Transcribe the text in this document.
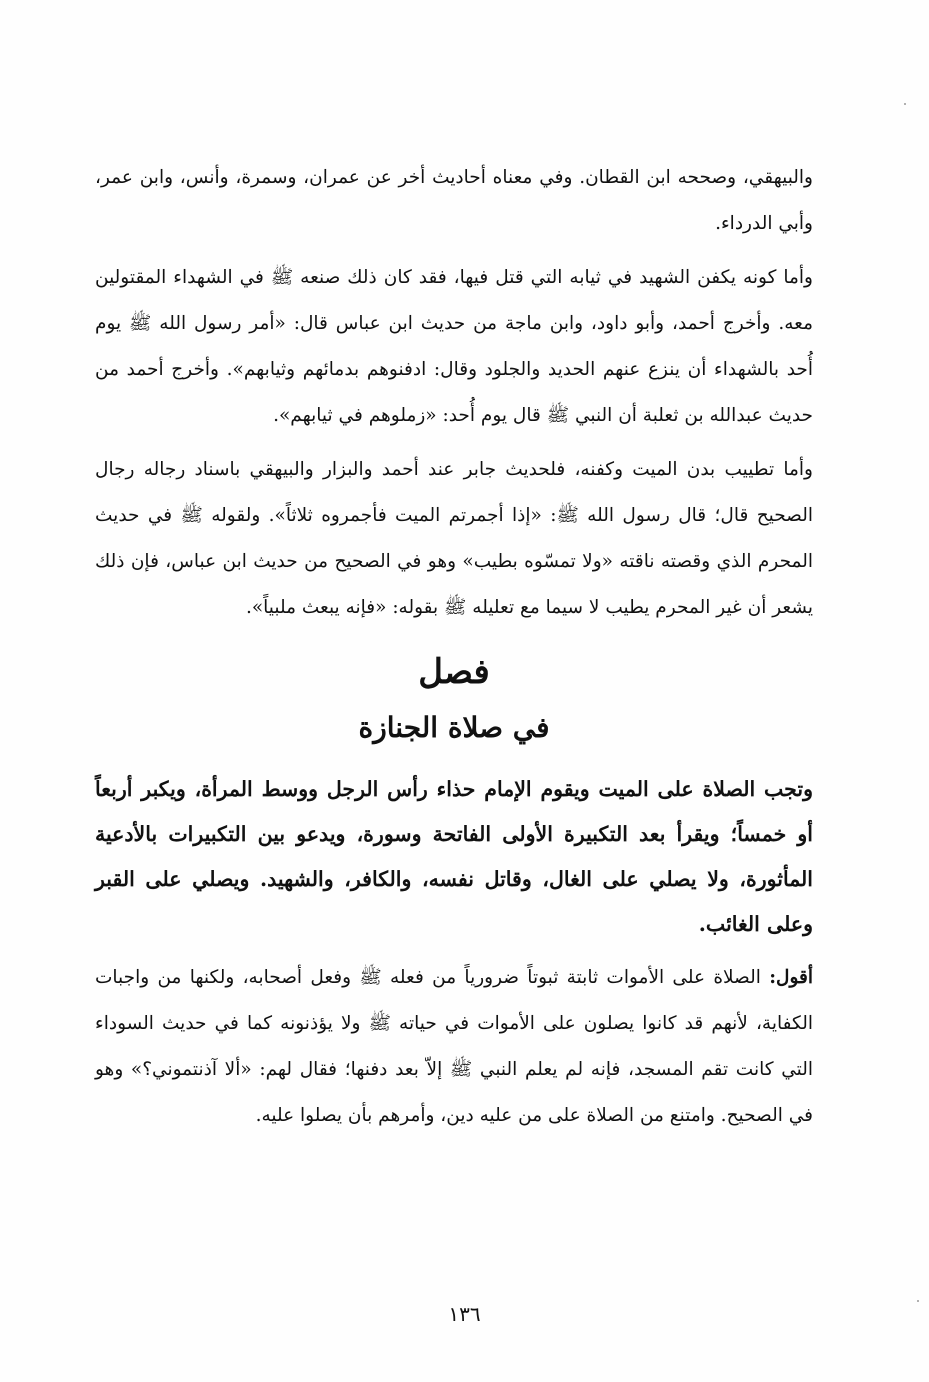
والبيهقي، وصححه ابن القطان. وفي معناه أحاديث أخر عن عمران، وسمرة، وأنس، وابن عمر، وأبي الدرداء.

وأما كونه يكفن الشهيد في ثيابه التي قتل فيها، فقد كان ذلك صنعه ﷺ في الشهداء المقتولين معه. وأخرج أحمد، وأبو داود، وابن ماجة من حديث ابن عباس قال: «أمر رسول الله ﷺ يوم أُحد بالشهداء أن ينزع عنهم الحديد والجلود وقال: ادفنوهم بدمائهم وثيابهم». وأخرج أحمد من حديث عبدالله بن ثعلبة أن النبي ﷺ قال يوم أُحد: «زملوهم في ثيابهم».

وأما تطييب بدن الميت وكفنه، فلحديث جابر عند أحمد والبزار والبيهقي باسناد رجاله رجال الصحيح قال؛ قال رسول الله ﷺ: «إذا أجمرتم الميت فأجمروه ثلاثاً». ولقوله ﷺ في حديث المحرم الذي وقصته ناقته «ولا تمسّوه بطيب» وهو في الصحيح من حديث ابن عباس، فإن ذلك يشعر أن غير المحرم يطيب لا سيما مع تعليله ﷺ بقوله: «فإنه يبعث ملبياً».

فصل
في صلاة الجنازة

وتجب الصلاة على الميت ويقوم الإمام حذاء رأس الرجل ووسط المرأة، ويكبر أربعاً أو خمساً؛ ويقرأ بعد التكبيرة الأولى الفاتحة وسورة، ويدعو بين التكبيرات بالأدعية المأثورة، ولا يصلي على الغال، وقاتل نفسه، والكافر، والشهيد. ويصلي على القبر وعلى الغائب.

أقول: الصلاة على الأموات ثابتة ثبوتاً ضرورياً من فعله ﷺ وفعل أصحابه، ولكنها من واجبات الكفاية، لأنهم قد كانوا يصلون على الأموات في حياته ﷺ ولا يؤذنونه كما في حديث السوداء التي كانت تقم المسجد، فإنه لم يعلم النبي ﷺ إلاّ بعد دفنها؛ فقال لهم: «ألا آذنتموني؟» وهو في الصحيح. وامتنع من الصلاة على من عليه دين، وأمرهم بأن يصلوا عليه.

١٣٦
